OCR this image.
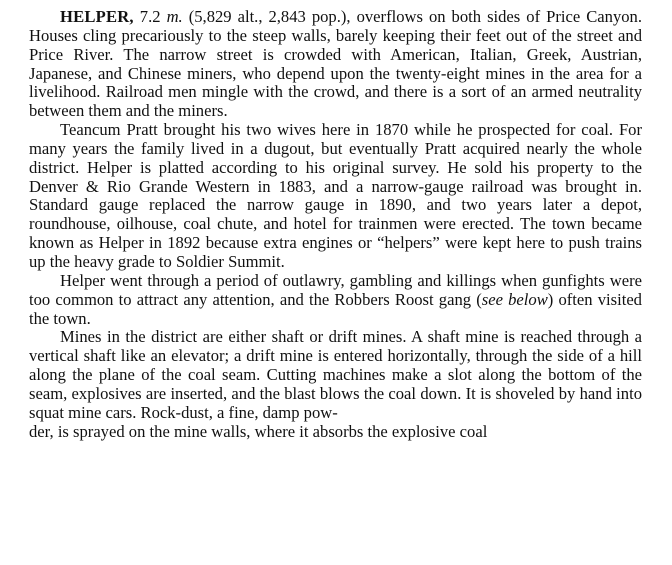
HELPER, 7.2 m. (5,829 alt., 2,843 pop.), overflows on both sides of Price Canyon. Houses cling precariously to the steep walls, barely keeping their feet out of the street and Price River. The narrow street is crowded with American, Italian, Greek, Austrian, Japanese, and Chinese miners, who depend upon the twenty-eight mines in the area for a livelihood. Railroad men mingle with the crowd, and there is a sort of an armed neutrality between them and the miners.

Teancum Pratt brought his two wives here in 1870 while he prospected for coal. For many years the family lived in a dugout, but eventually Pratt acquired nearly the whole district. Helper is platted according to his original survey. He sold his property to the Denver & Rio Grande Western in 1883, and a narrow-gauge railroad was brought in. Standard gauge replaced the narrow gauge in 1890, and two years later a depot, roundhouse, oilhouse, coal chute, and hotel for trainmen were erected. The town became known as Helper in 1892 because extra engines or “helpers” were kept here to push trains up the heavy grade to Soldier Summit.

Helper went through a period of outlawry, gambling and killings when gunfights were too common to attract any attention, and the Robbers Roost gang (see below) often visited the town.

Mines in the district are either shaft or drift mines. A shaft mine is reached through a vertical shaft like an elevator; a drift mine is entered horizontally, through the side of a hill along the plane of the coal seam. Cutting machines make a slot along the bottom of the seam, explosives are inserted, and the blast blows the coal down. It is shoveled by hand into squat mine cars. Rock-dust, a fine, damp pow-
der, is sprayed on the mine walls, where it absorbs the explosive coal
